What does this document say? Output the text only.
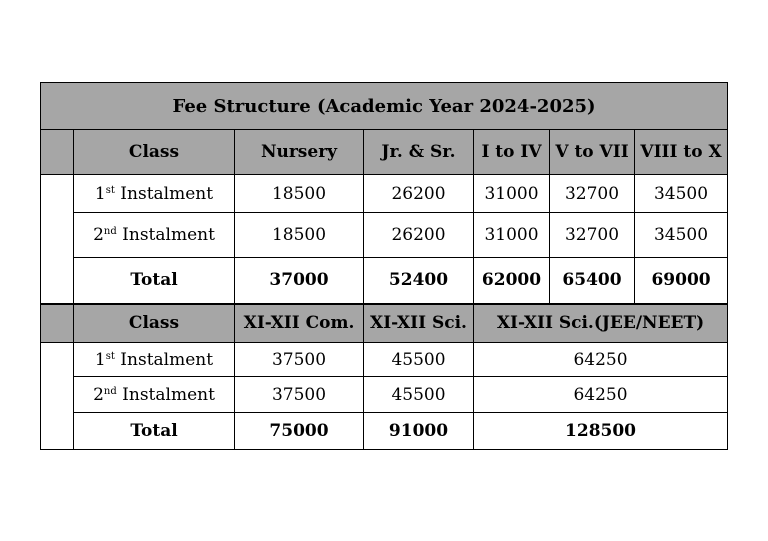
Fee Structure (Academic Year 2024-2025)						
	Class	Nursery	Jr. & Sr.	I to IV	V to VII	VIII to X
	1st Instalment	18500	26200	31000	32700	34500
	2nd Instalment	18500	26200	31000	32700	34500
	Total	37000	52400	62000	65400	69000
	Class	XI-XII Com.	XI-XII Sci.	XI-XII Sci.(JEE/NEET)		
	1st Instalment	37500	45500	64250		
	2nd Instalment	37500	45500	64250		
	Total	75000	91000	128500		
